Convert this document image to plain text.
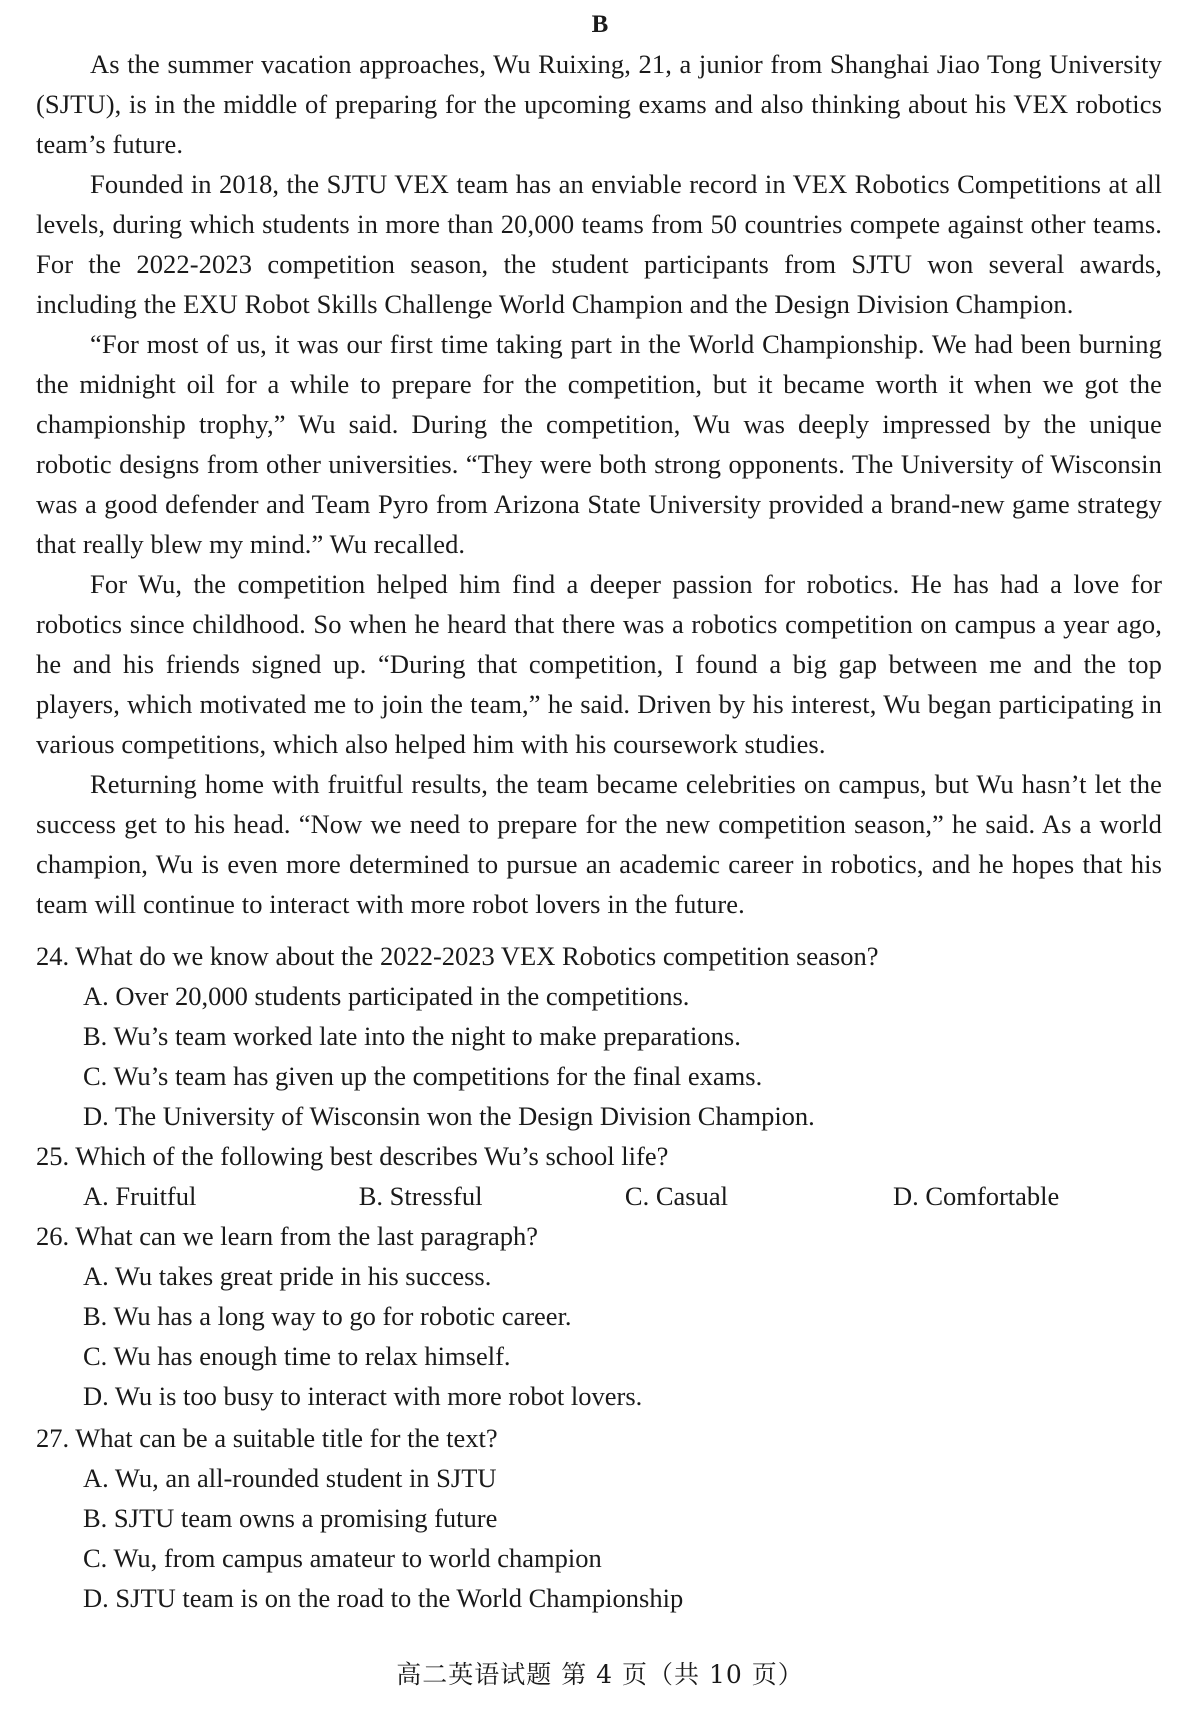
B

As the summer vacation approaches, Wu Ruixing, 21, a junior from Shanghai Jiao Tong University (SJTU), is in the middle of preparing for the upcoming exams and also thinking about his VEX robotics team’s future.

Founded in 2018, the SJTU VEX team has an enviable record in VEX Robotics Competitions at all levels, during which students in more than 20,000 teams from 50 countries compete against other teams. For the 2022-2023 competition season, the student participants from SJTU won several awards, including the EXU Robot Skills Challenge World Champion and the Design Division Champion.

“For most of us, it was our first time taking part in the World Championship. We had been burning the midnight oil for a while to prepare for the competition, but it became worth it when we got the championship trophy,” Wu said. During the competition, Wu was deeply impressed by the unique robotic designs from other universities. “They were both strong opponents. The University of Wisconsin was a good defender and Team Pyro from Arizona State University provided a brand-new game strategy that really blew my mind.” Wu recalled.

For Wu, the competition helped him find a deeper passion for robotics. He has had a love for robotics since childhood. So when he heard that there was a robotics competition on campus a year ago, he and his friends signed up. “During that competition, I found a big gap between me and the top players, which motivated me to join the team,” he said. Driven by his interest, Wu began participating in various competitions, which also helped him with his coursework studies.

Returning home with fruitful results, the team became celebrities on campus, but Wu hasn’t let the success get to his head. “Now we need to prepare for the new competition season,” he said. As a world champion, Wu is even more determined to pursue an academic career in robotics, and he hopes that his team will continue to interact with more robot lovers in the future.

24. What do we know about the 2022-2023 VEX Robotics competition season?

A. Over 20,000 students participated in the competitions.

B. Wu’s team worked late into the night to make preparations.

C. Wu’s team has given up the competitions for the final exams.

D. The University of Wisconsin won the Design Division Champion.

25. Which of the following best describes Wu’s school life?

A. Fruitful	B. Stressful	C. Casual	D. Comfortable

26. What can we learn from the last paragraph?

A. Wu takes great pride in his success.

B. Wu has a long way to go for robotic career.

C. Wu has enough time to relax himself.

D. Wu is too busy to interact with more robot lovers.

27. What can be a suitable title for the text?

A. Wu, an all-rounded student in SJTU

B. SJTU team owns a promising future

C. Wu, from campus amateur to world champion

D. SJTU team is on the road to the World Championship

高二英语试题 第 4 页（共 10 页）
